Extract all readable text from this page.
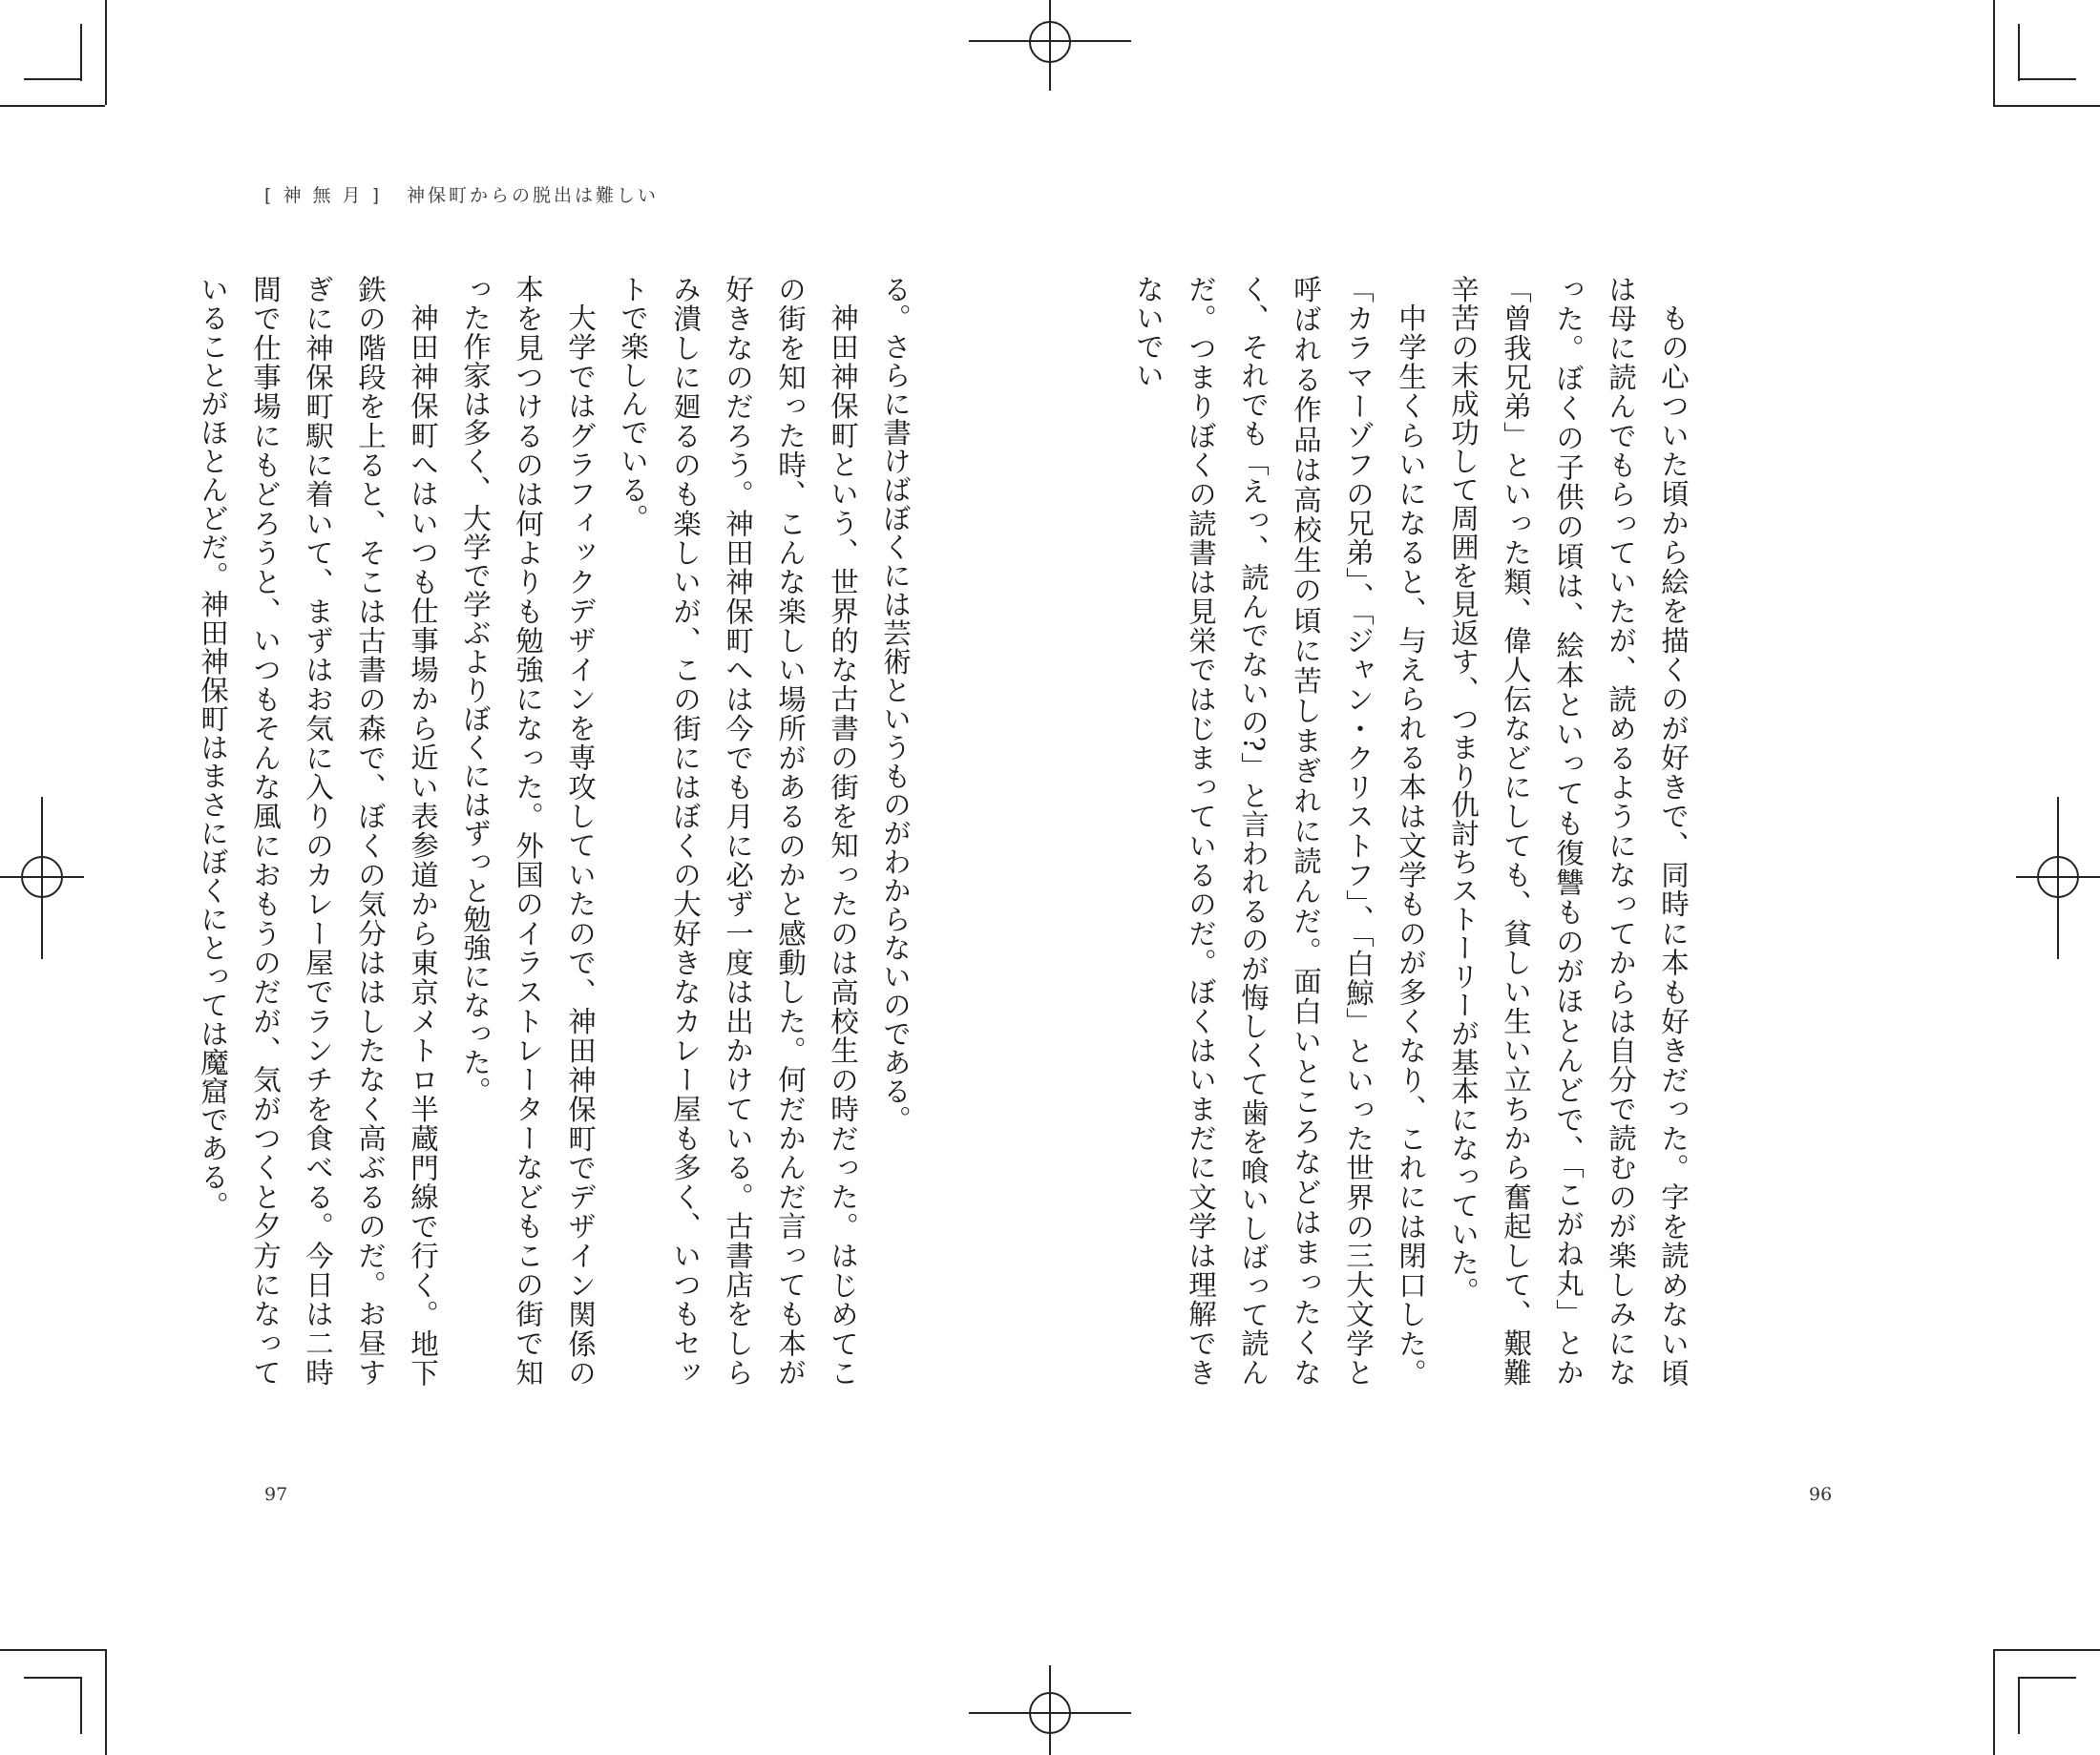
[ 神 無 月 ] 神保町からの脱出は難しい

もの心ついた頃から絵を描くのが好きで、同時に本も好きだった。字を読めない頃は母に読んでもらっていたが、読めるようになってからは自分で読むのが楽しみになった。ぼくの子供の頃は、絵本といっても復讐ものがほとんどで、「こがね丸」とか「曾我兄弟」といった類、偉人伝などにしても、貧しい生い立ちから奮起して、艱難辛苦の末成功して周囲を見返す、つまり仇討ちストーリーが基本になっていた。

中学生くらいになると、与えられる本は文学ものが多くなり、これには閉口した。「カラマーゾフの兄弟」、「ジャン・クリストフ」、「白鯨」といった世界の三大文学と呼ばれる作品は高校生の頃に苦しまぎれに読んだ。面白いところなどはまったくなく、それでも「えっ、読んでないの?」と言われるのが悔しくて歯を喰いしばって読んだ。つまりぼくの読書は見栄ではじまっているのだ。ぼくはいまだに文学は理解できないでい

る。さらに書けばぼくには芸術というものがわからないのである。

神田神保町という、世界的な古書の街を知ったのは高校生の時だった。はじめてこの街を知った時、こんな楽しい場所があるのかと感動した。何だかんだ言っても本が好きなのだろう。神田神保町へは今でも月に必ず一度は出かけている。古書店をしらみ潰しに廻るのも楽しいが、この街にはぼくの大好きなカレー屋も多く、いつもセットで楽しんでいる。

大学ではグラフィックデザインを専攻していたので、神田神保町でデザイン関係の本を見つけるのは何よりも勉強になった。外国のイラストレーターなどもこの街で知った作家は多く、大学で学ぶよりぼくにはずっと勉強になった。

神田神保町へはいつも仕事場から近い表参道から東京メトロ半蔵門線で行く。地下鉄の階段を上ると、そこは古書の森で、ぼくの気分ははしたなく高ぶるのだ。お昼すぎに神保町駅に着いて、まずはお気に入りのカレー屋でランチを食べる。今日は二時間で仕事場にもどろうと、いつもそんな風におもうのだが、気がつくと夕方になっていることがほとんどだ。神田神保町はまさにぼくにとっては魔窟である。

97	96
